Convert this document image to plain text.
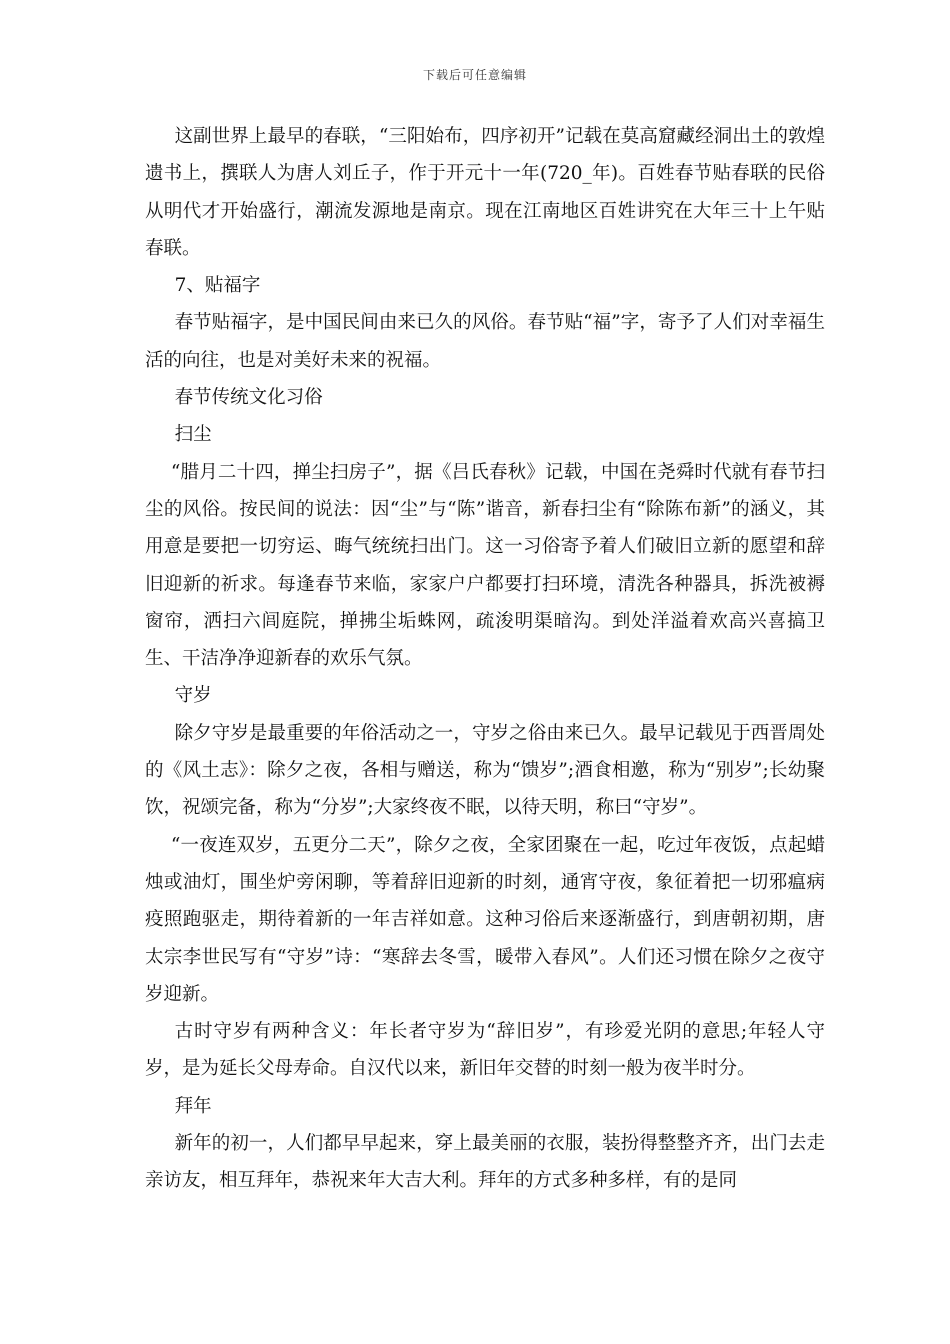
下载后可任意编辑

这副世界上最早的春联，“三阳始布，四序初开”记载在莫高窟藏经洞出土的敦煌遗书上，撰联人为唐人刘丘子，作于开元十一年(720_年)。百姓春节贴春联的民俗从明代才开始盛行，潮流发源地是南京。现在江南地区百姓讲究在大年三十上午贴春联。

7、贴福字

春节贴福字，是中国民间由来已久的风俗。春节贴“福”字，寄予了人们对幸福生活的向往，也是对美好未来的祝福。

春节传统文化习俗

扫尘

“腊月二十四，掸尘扫房子”，据《吕氏春秋》记载，中国在尧舜时代就有春节扫尘的风俗。按民间的说法：因“尘”与“陈”谐音，新春扫尘有“除陈布新”的涵义，其用意是要把一切穷运、晦气统统扫出门。这一习俗寄予着人们破旧立新的愿望和辞旧迎新的祈求。每逢春节来临，家家户户都要打扫环境，清洗各种器具，拆洗被褥窗帘，洒扫六闾庭院，掸拂尘垢蛛网，疏浚明渠暗沟。到处洋溢着欢高兴喜搞卫生、干洁净净迎新春的欢乐气氛。

守岁

除夕守岁是最重要的年俗活动之一，守岁之俗由来已久。最早记载见于西晋周处的《风土志》：除夕之夜，各相与赠送，称为“馈岁”;酒食相邀，称为“别岁”;长幼聚饮，祝颂完备，称为“分岁”;大家终夜不眠，以待天明，称曰“守岁”。

“一夜连双岁，五更分二天”，除夕之夜，全家团聚在一起，吃过年夜饭，点起蜡烛或油灯，围坐炉旁闲聊，等着辞旧迎新的时刻，通宵守夜，象征着把一切邪瘟病疫照跑驱走，期待着新的一年吉祥如意。这种习俗后来逐渐盛行，到唐朝初期，唐太宗李世民写有“守岁”诗：“寒辞去冬雪，暖带入春风”。人们还习惯在除夕之夜守岁迎新。

古时守岁有两种含义：年长者守岁为“辞旧岁”，有珍爱光阴的意思;年轻人守岁，是为延长父母寿命。自汉代以来，新旧年交替的时刻一般为夜半时分。

拜年

新年的初一，人们都早早起来，穿上最美丽的衣服，装扮得整整齐齐，出门去走亲访友，相互拜年，恭祝来年大吉大利。拜年的方式多种多样，有的是同
